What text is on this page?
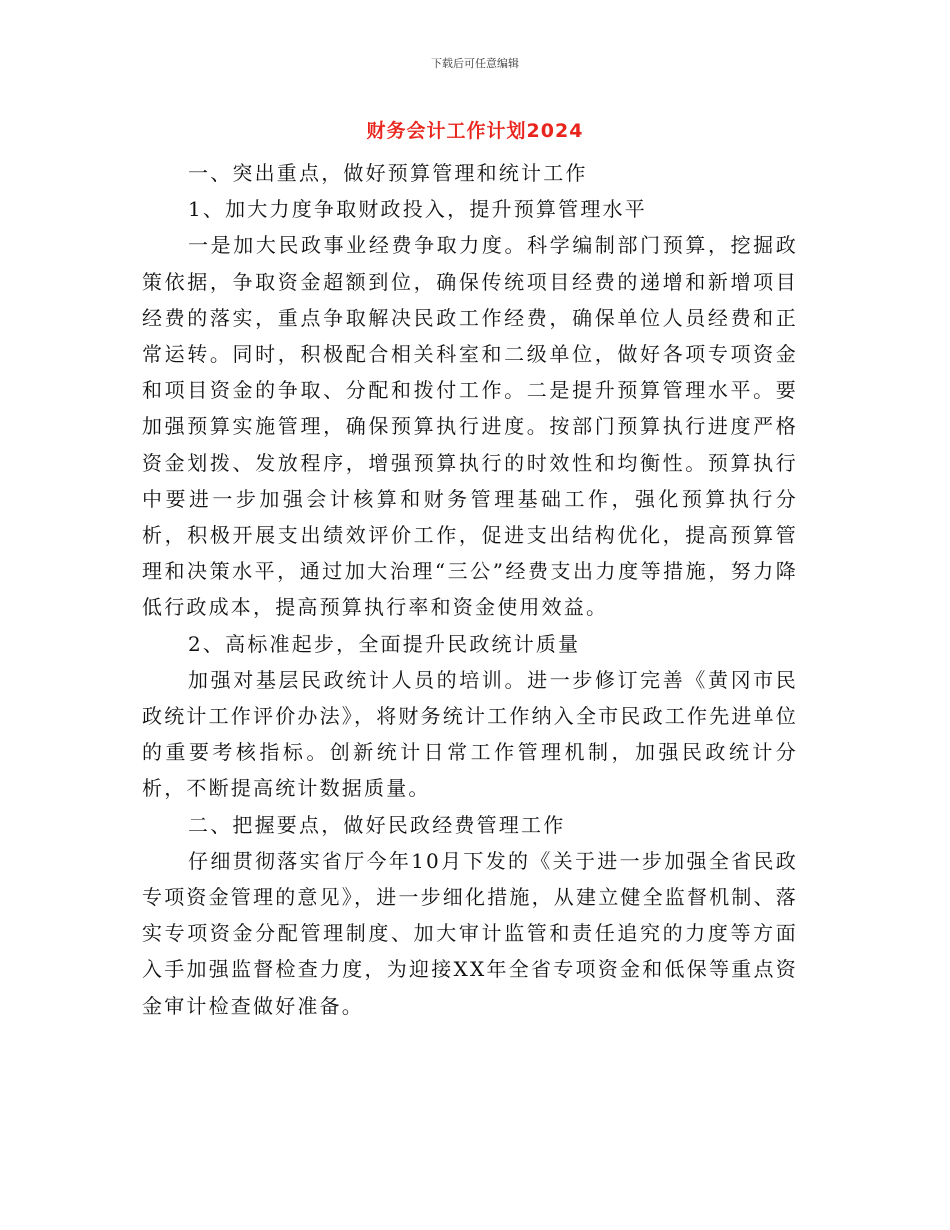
下载后可任意编辑
财务会计工作计划2024

一、突出重点，做好预算管理和统计工作

1、加大力度争取财政投入，提升预算管理水平

一是加大民政事业经费争取力度。科学编制部门预算，挖掘政策依据，争取资金超额到位，确保传统项目经费的递增和新增项目经费的落实，重点争取解决民政工作经费，确保单位人员经费和正常运转。同时，积极配合相关科室和二级单位，做好各项专项资金和项目资金的争取、分配和拨付工作。二是提升预算管理水平。要加强预算实施管理，确保预算执行进度。按部门预算执行进度严格资金划拨、发放程序，增强预算执行的时效性和均衡性。预算执行中要进一步加强会计核算和财务管理基础工作，强化预算执行分析，积极开展支出绩效评价工作，促进支出结构优化，提高预算管理和决策水平，通过加大治理“三公”经费支出力度等措施，努力降低行政成本，提高预算执行率和资金使用效益。

2、高标准起步，全面提升民政统计质量

加强对基层民政统计人员的培训。进一步修订完善《黄冈市民政统计工作评价办法》，将财务统计工作纳入全市民政工作先进单位的重要考核指标。创新统计日常工作管理机制，加强民政统计分析，不断提高统计数据质量。

二、把握要点，做好民政经费管理工作

仔细贯彻落实省厅今年10月下发的《关于进一步加强全省民政专项资金管理的意见》，进一步细化措施，从建立健全监督机制、落实专项资金分配管理制度、加大审计监管和责任追究的力度等方面入手加强监督检查力度，为迎接XX年全省专项资金和低保等重点资金审计检查做好准备。
